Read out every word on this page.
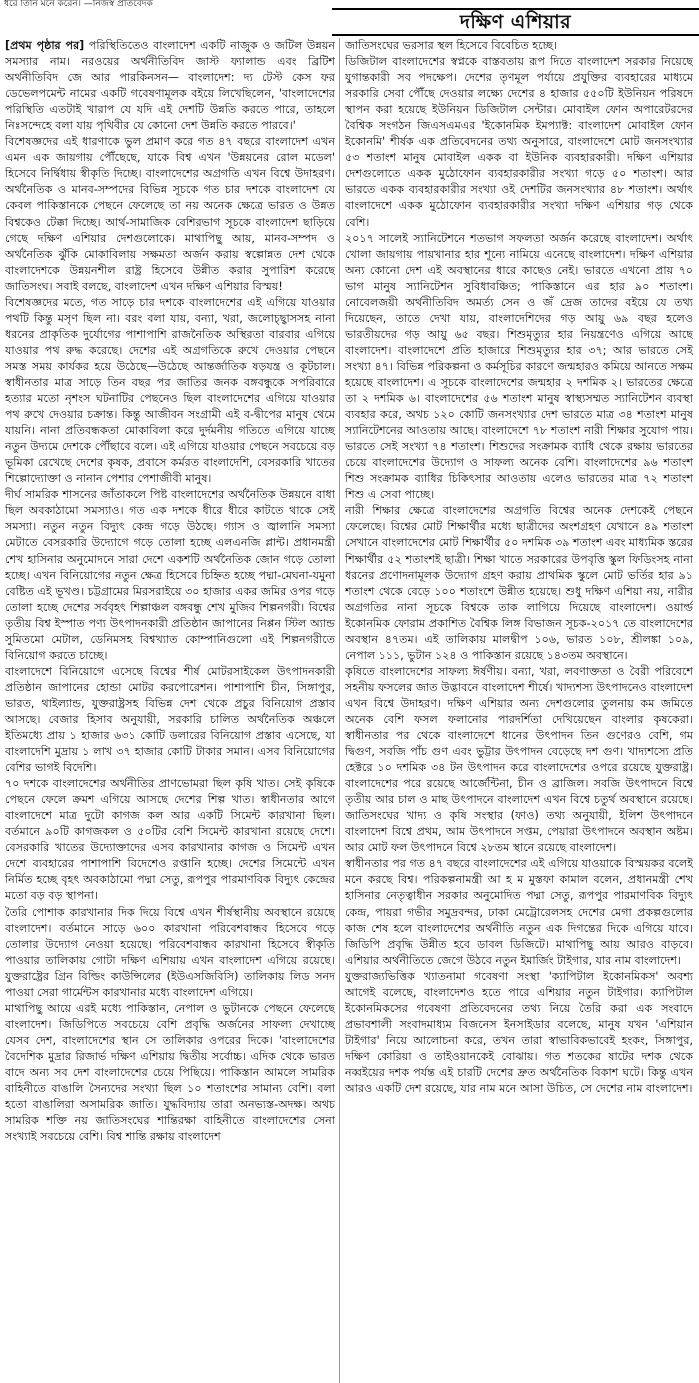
ধরে তিনি মনে করেন। —নিজস্ব প্রতিবেদক
দক্ষিণ এশিয়ার

[প্রথম পৃষ্ঠার পর] পরিস্থিতিতেও বাংলাদেশ একটি নাজুক ও জটিল উন্নয়ন সমস্যার নাম। নরওয়ের অর্থনীতিবিদ জাস্ট ফ্যালান্ড এবং ব্রিটিশ অর্থনীতিবিদ জে আর পারকিনসন— বাংলাদেশ: দ্য টেস্ট কেস ফর ডেভেলপমেন্ট নামের একটি গবেষণামূলক বইয়ে লিখেছিলেন, 'বাংলাদেশের পরিস্থিতি এতটাই খারাপ যে যদি এই দেশটি উন্নতি করতে পারে, তাহলে নিঃসন্দেহে বলা যায় পৃথিবীর যে কোনো দেশ উন্নতি করতে পারবে।'

বিশেষজ্ঞদের এই ধারণাকে ভুল প্রমাণ করে গত ৪৭ বছরে বাংলাদেশ এখন এমন এক জায়গায় পৌঁছেছে, যাকে বিশ্ব এখন 'উন্নয়নের রোল মডেল' হিসেবে নির্দ্বিধায় স্বীকৃতি দিচ্ছে। বাংলাদেশের অগ্রগতি এখন বিশ্বে উদাহরণ। অর্থনৈতিক ও মানব-সম্পদের বিভিন্ন সূচকে গত চার দশকে বাংলাদেশ যে কেবল পাকিস্তানকে পেছনে ফেলেছে তা নয় অনেক ক্ষেত্রে ভারত ও উন্নত বিশ্বকেও টেক্কা দিচ্ছে। আর্থ-সামাজিক বেশিরভাগ সূচকে বাংলাদেশ ছাড়িয়ে গেছে দক্ষিণ এশিয়ার দেশগুলোকে। মাথাপিছু আয়, মানব-সম্পদ ও অর্থনৈতিক ঝুঁকি মোকাবিলায় সক্ষমতা অর্জন করায় স্বল্পোন্নত দেশ থেকে বাংলাদেশকে উন্নয়নশীল রাষ্ট্র হিসেবে উন্নীত করার সুপারিশ করেছে জাতিসংঘ। সবাই বলছে, বাংলাদেশ এখন দক্ষিণ এশিয়ার বিস্ময়!

বিশেষজ্ঞদের মতে, গত সাড়ে চার দশকে বাংলাদেশের এই এগিয়ে যাওয়ার পথটি কিন্তু মসৃণ ছিল না। বরং বলা যায়, বন্যা, খরা, জলোচ্ছ্বাসসহ নানা ধরনের প্রাকৃতিক দুর্যোগের পাশাপাশি রাজনৈতিক অস্থিরতা বারবার এগিয়ে যাওয়ার পথ রুদ্ধ করেছে। দেশের এই অগ্রগতিকে রুখে দেওয়ার পেছনে সমস্ত সময় কার্যকর হয়ে উঠেছে—উঠেছে আন্তর্জাতিক ষড়যন্ত্র ও কূটচাল। স্বাধীনতার মাত্র সাড়ে তিন বছর পর জাতির জনক বঙ্গবন্ধুকে সপরিবারে হত্যার মতো নৃশংস ঘটনাটির পেছনেও ছিল বাংলাদেশের এগিয়ে যাওয়ার পথ রুখে দেওয়ার চক্রান্ত। কিন্তু আজীবন সংগ্রামী এই ব-দ্বীপের মানুষ থেমে যায়নি। নানা প্রতিবন্ধকতা মোকাবিলা করে দুর্দমনীয় গতিতে এগিয়ে যাচ্ছে নতুন উদ্যমে দেশকে পৌঁছাবে বলে। এই এগিয়ে যাওয়ার পেছনে সবচেয়ে বড় ভূমিকা রেখেছে দেশের কৃষক, প্রবাসে কর্মরত বাংলাদেশি, বেসরকারি খাতের শিল্পোদ্যোক্তা ও নানান পেশার পেশাজীবী মানুষ।

দীর্ঘ সামরিক শাসনের জাঁতাকলে পিষ্ট বাংলাদেশের অর্থনৈতিক উন্নয়নে বাধা ছিল অবকাঠামো সমস্যাও। গত এক দশকে ধীরে ধীরে কাটতে থাকে সেই সমস্যা। নতুন নতুন বিদ্যুৎ কেন্দ্র গড়ে উঠছে। গ্যাস ও জ্বালানি সমস্যা মেটাতে বেসরকারি উদ্যোগে গড়ে তোলা হচ্ছে এলএনজি প্লান্ট। প্রধানমন্ত্রী শেখ হাসিনার অনুমোদনে সারা দেশে একশটি অর্থনৈতিক জোন গড়ে তোলা হচ্ছে। এখন বিনিয়োগের নতুন ক্ষেত্র হিসেবে চিহ্নিত হচ্ছে পদ্মা-মেঘনা-যমুনা বেষ্টিত এই ভূখণ্ড। চট্টগ্রামের মিরসরাইয়ে ৩০ হাজার একর জমির ওপর গড়ে তোলা হচ্ছে দেশের সর্ববৃহৎ শিল্পাঞ্চল বঙ্গবন্ধু শেখ মুজিব শিল্পনগরী। বিশ্বের তৃতীয় বিশ্ব ইস্পাত পণ্য উৎপাদনকারী প্রতিষ্ঠান জাপানের নিপ্পন স্টিল অ্যান্ড সুমিতমো মেটাল, ডেনিমসহ বিশ্বখ্যাত কোম্পানিগুলো এই শিল্পনগরীতে বিনিয়োগ করতে চাচ্ছে।

বাংলাদেশে বিনিয়োগে এসেছে বিশ্বের শীর্ষ মোটরসাইকেল উৎপাদনকারী প্রতিষ্ঠান জাপানের হোন্ডা মোটর করপোরেশন। পাশাপাশি চীন, সিঙ্গাপুর, ভারত, থাইল্যান্ড, যুক্তরাষ্ট্রসহ বিভিন্ন দেশ থেকে প্রচুর বিনিয়োগ প্রস্তাব আসছে। বেজার হিসাব অনুযায়ী, সরকারি চালিত অর্থনৈতিক অঞ্চলে ইতিমধ্যে প্রায় ১ হাজার ৬৩১ কোটি ডলারের বিনিয়োগ প্রস্তাব এসেছে, যা বাংলাদেশি মুদ্রায় ১ লাখ ৩৭ হাজার কোটি টাকার সমান। এসব বিনিয়োগের বেশির ভাগই বিদেশি।

৭০ দশকে বাংলাদেশের অর্থনীতির প্রাণভোমরা ছিল কৃষি খাত। সেই কৃষিকে পেছনে ফেলে ক্রমশ এগিয়ে আসছে দেশের শিল্প খাত। স্বাধীনতার আগে বাংলাদেশে মাত্র দুটো কাগজ কল আর একটি সিমেন্ট কারখানা ছিল। বর্তমানে ৯০টি কাগজকল ও ৫০টির বেশি সিমেন্ট কারখানা রয়েছে দেশে। বেসরকারি খাতের উদ্যোক্তাদের এসব কারখানার কাগজ ও সিমেন্ট এখন দেশে ব্যবহারের পাশাপাশি বিদেশেও রপ্তানি হচ্ছে। দেশের সিমেন্টে এখন নির্মিত হচ্ছে বৃহৎ অবকাঠামো পদ্মা সেতু, রূপপুর পারমাণবিক বিদ্যুৎ কেন্দ্রের মতো বড় বড় স্থাপনা।

তৈরি পোশাক কারখানার দিক দিয়ে বিশ্বে এখন শীর্ষস্থানীয় অবস্থানে রয়েছে বাংলাদেশ। বর্তমানে সাড়ে ৬০০ কারখানা পরিবেশবান্ধব হিসেবে গড়ে তোলার উদ্যোগ নেওয়া হয়েছে। পরিবেশবান্ধব কারখানা হিসেবে স্বীকৃতি পাওয়ার তালিকায় গোটা দক্ষিণ এশিয়ায় এখন বাংলাদেশ এগিয়ে রয়েছে। যুক্তরাষ্ট্রের গ্রিন বিল্ডিং কাউন্সিলের (ইউএসজিবিসি) তালিকায় লিড সনদ পাওয়া সেরা গার্মেন্টস কারখানার মধ্যে বাংলাদেশ এগিয়ে।

মাথাপিছু আয়ে এরই মধ্যে পাকিস্তান, নেপাল ও ভুটানকে পেছনে ফেলেছে বাংলাদেশ। জিডিপিতে সবচেয়ে বেশি প্রবৃদ্ধি অর্জনের সাফল্য দেখাচ্ছে যেসব দেশ, বাংলাদেশের স্থান সে তালিকার ওপরের দিকে। 'বাংলাদেশের বৈদেশিক মুদ্রার রিজার্ভ দক্ষিণ এশিয়ায় দ্বিতীয় সর্বোচ্চ। এদিক থেকে ভারত বাদে অন্য সব দেশ বাংলাদেশের চেয়ে পিছিয়ে। পাকিস্তান আমলে সামরিক বাহিনীতে বাঙালি সৈন্যদের সংখ্যা ছিল ১০ শতাংশের সামান্য বেশি। বলা হতো বাঙালিরা অসামরিক জাতি। যুদ্ধবিদ্যায় তারা অনভ্যস্ত-অদক্ষ। অথচ সামরিক শক্তি নয় জাতিসংঘের শান্তিরক্ষা বাহিনীতে বাংলাদেশের সেনা সংখ্যাই সবচেয়ে বেশি। বিশ্ব শান্তি রক্ষায় বাংলাদেশ

জাতিসংঘের ভরসার স্থল হিসেবে বিবেচিত হচ্ছে।

ডিজিটাল বাংলাদেশের স্বপ্নকে বাস্তবতায় রূপ দিতে বাংলাদেশ সরকার নিয়েছে যুগান্তকারী সব পদক্ষেপ। দেশের তৃণমূল পর্যায়ে প্রযুক্তির ব্যবহারের মাধ্যমে সরকারি সেবা পৌঁছে দেওয়ার লক্ষ্যে দেশের ৪ হাজার ৫৫০টি ইউনিয়ন পরিষদে স্থাপন করা হয়েছে ইউনিয়ন ডিজিটাল সেন্টার। মোবাইল ফোন অপারেটরদের বৈশ্বিক সংগঠন জিএসএমএর 'ইকোনমিক ইমপ্যাক্ট: বাংলাদেশ মোবাইল ফোন ইকোনমি' শীর্ষক এক প্রতিবেদনের তথ্য অনুসারে, বাংলাদেশে মোট জনসংখ্যার ৫৩ শতাংশ মানুষ মোবাইল একক বা ইউনিক ব্যবহারকারী। দক্ষিণ এশিয়ার দেশগুলোতে একক মুঠোফোন ব্যবহারকারীর সংখ্যা গড়ে ৫০ শতাংশ। আর ভারতে একক ব্যবহারকারীর সংখ্যা ওই দেশটির জনসংখ্যার ৪৮ শতাংশ। অর্থাৎ বাংলাদেশে একক মুঠোফোন ব্যবহারকারীর সংখ্যা দক্ষিণ এশিয়ার গড় থেকে বেশি।

২০১৭ সালেই স্যানিটেশনে শতভাগ সফলতা অর্জন করেছে বাংলাদেশ। অর্থাৎ খোলা জায়গায় পায়খানার হার শূন্যে নামিয়ে এনেছে বাংলাদেশ। দক্ষিণ এশিয়ার অন্য কোনো দেশ এই অবস্থানের ধারে কাছেও নেই। ভারতে এখনো প্রায় ৭০ ভাগ মানুষ স্যানিটেশন সুবিধাবঞ্চিত; পাকিস্তানে এর হার ৯০ শতাংশ। নোবেলজয়ী অর্থনীতিবিদ অমর্ত্য সেন ও জঁ দ্রেজ তাদের বইয়ে যে তথ্য দিয়েছেন, তাতে দেখা যায়, বাংলাদেশিদের গড় আয়ু ৬৯ বছর হলেও ভারতীয়দের গড় আয়ু ৬৫ বছর। শিশুমৃত্যুর হার নিয়ন্ত্রণেও এগিয়ে আছে বাংলাদেশ। বাংলাদেশে প্রতি হাজারে শিশুমৃত্যুর হার ৩৭; আর ভারতে সেই সংখ্যা ৪৭। বিভিন্ন পরিকল্পনা ও কর্মসূচির কারণে জন্মহারও কমিয়ে আনতে সক্ষম হয়েছে বাংলাদেশ। এ সূচকে বাংলাদেশের জন্মহার ২ দশমিক ২। ভারতের ক্ষেত্রে তা ২ দশমিক ৬। বাংলাদেশের ৫৬ শতাংশ মানুষ স্বাস্থ্যসম্মত স্যানিটেশন ব্যবস্থা ব্যবহার করে, অথচ ১২০ কোটি জনসংখ্যার দেশ ভারতে মাত্র ৩৪ শতাংশ মানুষ স্যানিটেশনের আওতায় আছে। বাংলাদেশে ৭৮ শতাংশ নারী শিক্ষার সুযোগ পায়। ভারতে সেই সংখ্যা ৭৪ শতাংশ। শিশুদের সংক্রামক ব্যাধি থেকে রক্ষায় ভারতের চেয়ে বাংলাদেশের উদ্যোগ ও সাফল্য অনেক বেশি। বাংলাদেশের ৯৬ শতাংশ শিশু সংক্রামক ব্যাধির চিকিৎসার আওতায় এলেও ভারতের মাত্র ৭২ শতাংশ শিশু এ সেবা পাচ্ছে।

নারী শিক্ষার ক্ষেত্রে বাংলাদেশের অগ্রগতি বিশ্বের অনেক দেশকেই পেছনে ফেলেছে। বিশ্বের মোট শিক্ষার্থীর মধ্যে ছাত্রীদের অংশগ্রহণ যেখানে ৪৯ শতাংশ সেখানে বাংলাদেশের মোট শিক্ষার্থীর ৫০ দশমিক ৩৯ শতাংশ এবং মাধ্যমিক স্তরের শিক্ষার্থীর ৫২ শতাংশই ছাত্রী। শিক্ষা খাতে সরকারের উপবৃত্তি স্কুল ফিডিংসহ নানা ধরনের প্রণোদনামূলক উদ্যোগ গ্রহণ করায় প্রাথমিক স্কুলে মোট ভর্তির হার ৯১ শতাংশ থেকে বেড়ে ১০০ শতাংশে উন্নীত হয়েছে। শুধু দক্ষিণ এশিয়া নয়, নারীর অগ্রগতির নানা সূচকে বিশ্বকে তাক লাগিয়ে দিয়েছে বাংলাদেশ। ওয়ার্ল্ড ইকোনমিক ফোরাম প্রকাশিত বৈশ্বিক লিঙ্গ বিভাজন সূচক-২০১৭ তে বাংলাদেশের অবস্থান ৪৭তম। এই তালিকায় মালদ্বীপ ১০৬, ভারত ১০৮, শ্রীলঙ্কা ১০৯, নেপাল ১১১, ভুটান ১২৪ ও পাকিস্তান রয়েছে ১৪৩তম অবস্থানে।

কৃষিতে বাংলাদেশের সাফল্য ঈর্ষণীয়। বন্যা, খরা, লবণাক্ততা ও বৈরী পরিবেশে সহনীয় ফসলের জাত উদ্ভাবনে বাংলাদেশ শীর্ষে। খাদ্যশস্য উৎপাদনেও বাংলাদেশ এখন বিশ্বে উদাহরণ। দক্ষিণ এশিয়ার অন্য দেশগুলোর তুলনায় কম জমিতে অনেক বেশি ফসল ফলানোর পারদর্শিতা দেখিয়েছেন বাংলার কৃষকেরা। স্বাধীনতার পর থেকে বাংলাদেশে ধানের উৎপাদন তিন গুণেরও বেশি, গম দ্বিগুণ, সবজি পাঁচ গুণ এবং ভুট্টার উৎপাদন বেড়েছে দশ গুণ। খাদ্যশস্যে প্রতি হেক্টরে ১০ দশমিক ৩৪ টন উৎপাদন করে বাংলাদেশের ওপরে রয়েছে যুক্তরাষ্ট্র। বাংলাদেশের পরে রয়েছে আর্জেন্টিনা, চীন ও ব্রাজিল। সবজি উৎপাদনে বিশ্বে তৃতীয় আর চাল ও মাছ উৎপাদনে বাংলাদেশ এখন বিশ্বে চতুর্থ অবস্থানে রয়েছে। জাতিসংঘের খাদ্য ও কৃষি সংস্থার (ফাও) তথ্য অনুযায়ী, ইলিশ উৎপাদনে বাংলাদেশ বিশ্বে প্রথম, আম উৎপাদনে সপ্তম, পেয়ারা উৎপাদনে অবস্থান অষ্টম। আর মোট ফল উৎপাদনে বিশ্বে ২৮তম স্থানে রয়েছে বাংলাদেশ।

স্বাধীনতার পর গত ৪৭ বছরে বাংলাদেশের এই এগিয়ে যাওয়াকে বিস্ময়কর বলেই মনে করছে বিশ্ব। পরিকল্পনামন্ত্রী আ হ ম মুস্তফা কামাল বলেন, প্রধানমন্ত্রী শেখ হাসিনার নেতৃত্বাধীন সরকার অনুমোদিত পদ্মা সেতু, রূপপুর পারমাণবিক বিদ্যুৎ কেন্দ্র, পায়রা গভীর সমুদ্রবন্দর, ঢাকা মেট্রোরেলসহ দেশের মেগা প্রকল্পগুলোর কাজ শেষ হলে বাংলাদেশের অর্থনীতি নতুন এক দিগন্তের দিকে এগিয়ে যাবে। জিডিপি প্রবৃদ্ধি উন্নীত হবে ডাবল ডিজিটে। মাথাপিছু আয় আরও বাড়বে। এশিয়ার অর্থনীতিতে জেগে উঠবে নতুন ইমার্জিং টাইগার, যার নাম বাংলাদেশ।

যুক্তরাজ্যভিত্তিক খ্যাতনামা গবেষণা সংস্থা 'ক্যাপিটাল ইকোনমিকস' অবশ্য আগেই বলেছে, বাংলাদেশও হতে পারে এশিয়ার নতুন টাইগার। ক্যাপিটাল ইকোনমিকসের গবেষণা প্রতিবেদনের তথ্য নিয়ে তৈরি করা এক সংবাদে প্রভাবশালী সংবাদমাধ্যম বিজনেস ইনসাইডার বলেছে, মানুষ যখন 'এশিয়ান টাইগার' নিয়ে আলোচনা করে, তখন তারা স্বাভাবিকভাবেই হংকং, সিঙ্গাপুর, দক্ষিণ কোরিয়া ও তাইওয়ানকেই বোঝায়। গত শতকের ষাটের দশক থেকে নব্বইয়ের দশক পর্যন্ত এই চারটি দেশের দ্রুত অর্থনৈতিক বিকাশ ঘটে। কিন্তু এখন আরও একটি দেশ রয়েছে, যার নাম মনে আসা উচিত, সে দেশের নাম বাংলাদেশ।
